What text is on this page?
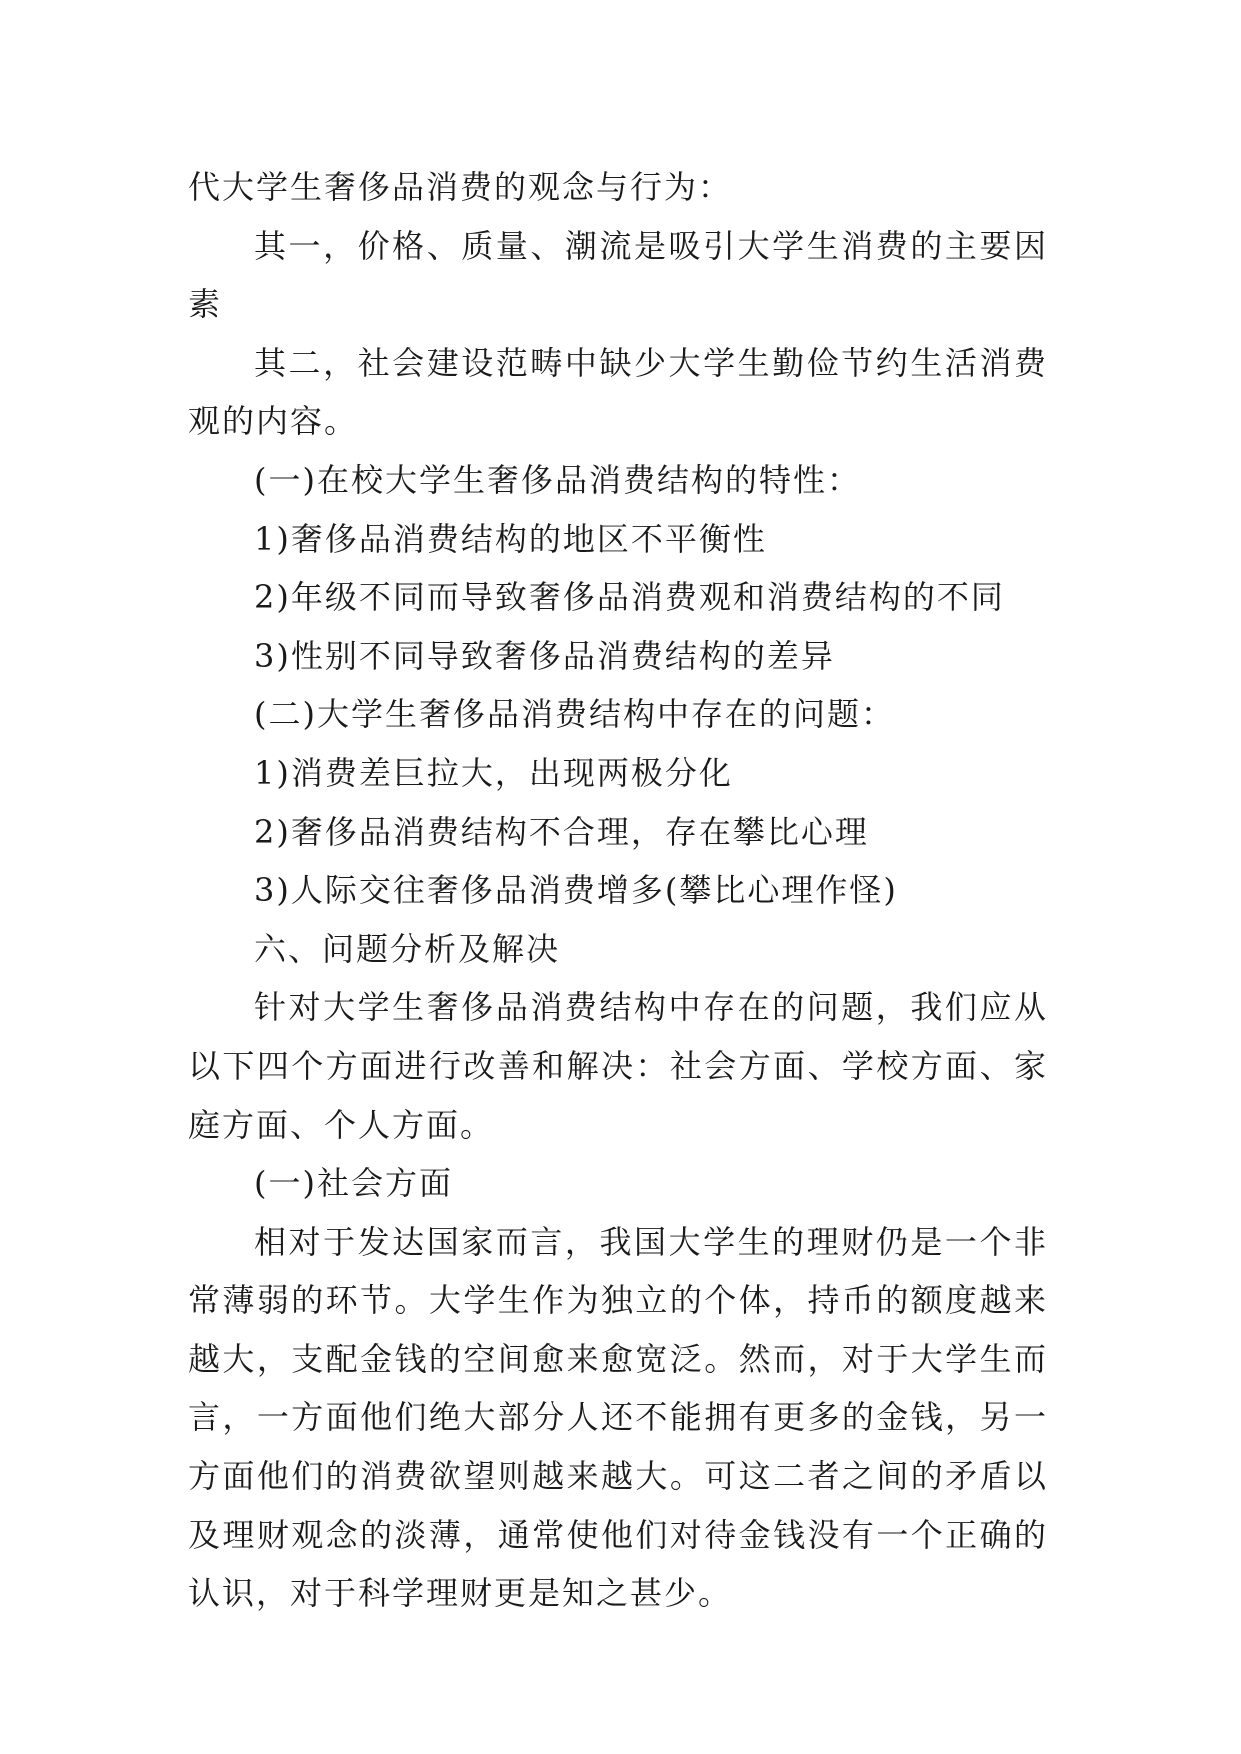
代大学生奢侈品消费的观念与行为：

其一，价格、质量、潮流是吸引大学生消费的主要因素

其二，社会建设范畴中缺少大学生勤俭节约生活消费观的内容。

(一)在校大学生奢侈品消费结构的特性：

1)奢侈品消费结构的地区不平衡性

2)年级不同而导致奢侈品消费观和消费结构的不同

3)性别不同导致奢侈品消费结构的差异

(二)大学生奢侈品消费结构中存在的问题：

1)消费差巨拉大，出现两极分化

2)奢侈品消费结构不合理，存在攀比心理

3)人际交往奢侈品消费增多(攀比心理作怪)

六、问题分析及解决

针对大学生奢侈品消费结构中存在的问题，我们应从以下四个方面进行改善和解决：社会方面、学校方面、家庭方面、个人方面。

(一)社会方面

相对于发达国家而言，我国大学生的理财仍是一个非常薄弱的环节。大学生作为独立的个体，持币的额度越来越大，支配金钱的空间愈来愈宽泛。然而，对于大学生而言，一方面他们绝大部分人还不能拥有更多的金钱，另一方面他们的消费欲望则越来越大。可这二者之间的矛盾以及理财观念的淡薄，通常使他们对待金钱没有一个正确的认识，对于科学理财更是知之甚少。
